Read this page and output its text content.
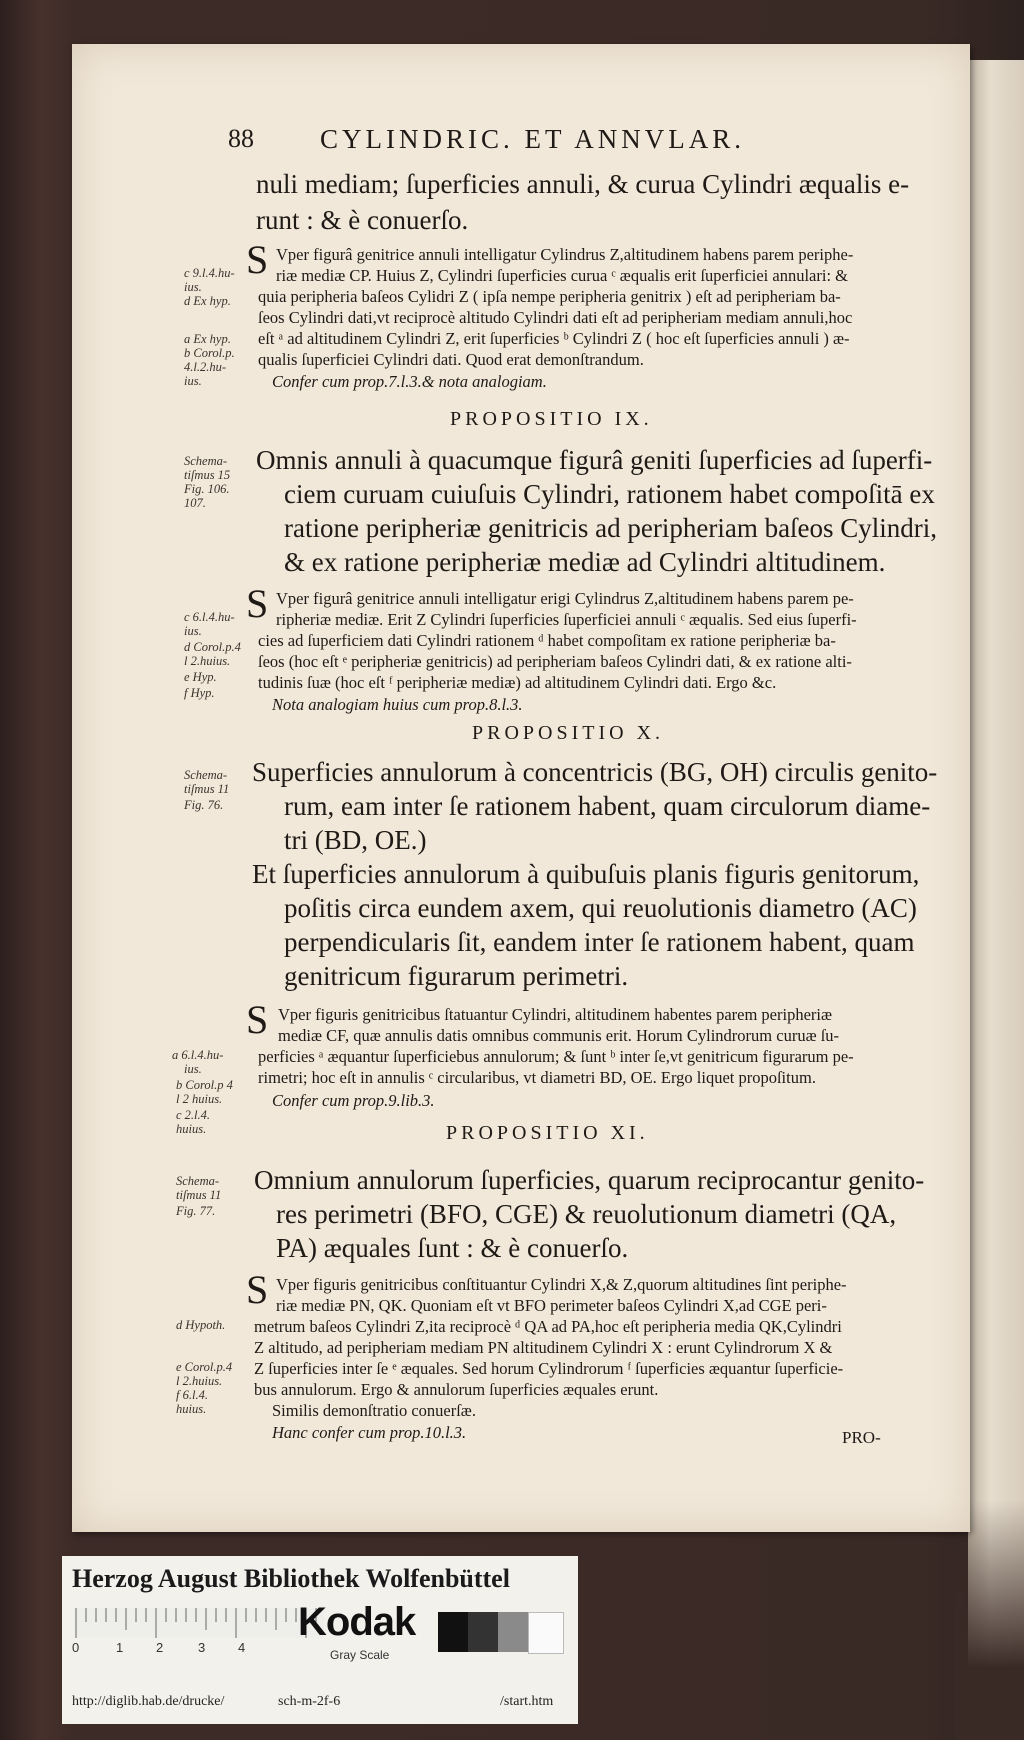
88 CYLINDRIC. ET ANNVLAR.
nuli mediam; ſuperficies annuli, & curua Cylindri æqualis e-
runt : & è conuerſo.
S Vper figurâ genitrice annuli intelligatur Cylindrus Z,altitudinem habens parem periphe-
riæ mediæ CP. Huius Z, Cylindri ſuperficies curua ᶜ æqualis erit ſuperficiei annulari: &
quia peripheria baſeos Cylidri Z ( ipſa nempe peripheria genitrix ) eſt ad peripheriam ba-
ſeos Cylindri dati,vt reciprocè altitudo Cylindri dati eſt ad peripheriam mediam annuli,hoc
eſt ᵃ ad altitudinem Cylindri Z, erit ſuperficies ᵇ Cylindri Z ( hoc eſt ſuperficies annuli ) æ-
qualis ſuperficiei Cylindri dati. Quod erat demonſtrandum.
Confer cum prop.7.l.3.& nota analogiam.
c 9.l.4.hu-
ius.
d Ex hyp.
a Ex hyp.
b Corol.p.
4.l.2.hu-
ius.
PROPOSITIO IX.
Omnis annuli à quacumque figurâ geniti ſuperficies ad ſuperfi-
ciem curuam cuiuſuis Cylindri, rationem habet compoſitā ex
ratione peripheriæ genitricis ad peripheriam baſeos Cylindri,
& ex ratione peripheriæ mediæ ad Cylindri altitudinem.
Schema-
tiſmus 15
Fig. 106.
107.
S Vper figurâ genitrice annuli intelligatur erigi Cylindrus Z,altitudinem habens parem pe-
ripheriæ mediæ. Erit Z Cylindri ſuperficies ſuperficiei annuli ᶜ æqualis. Sed eius ſuperfi-
cies ad ſuperficiem dati Cylindri rationem ᵈ habet compoſitam ex ratione peripheriæ ba-
ſeos (hoc eſt ᵉ peripheriæ genitricis) ad peripheriam baſeos Cylindri dati, & ex ratione alti-
tudinis ſuæ (hoc eſt ᶠ peripheriæ mediæ) ad altitudinem Cylindri dati. Ergo &c.
Nota analogiam huius cum prop.8.l.3.
c 6.l.4.hu-
ius.
d Corol.p.4
l 2.huius.
e Hyp.
f Hyp.
PROPOSITIO X.
Superficies annulorum à concentricis (BG, OH) circulis genito-
rum, eam inter ſe rationem habent, quam circulorum diame-
tri (BD, OE.)
Et ſuperficies annulorum à quibuſuis planis figuris genitorum,
poſitis circa eundem axem, qui reuolutionis diametro (AC)
perpendicularis ſit, eandem inter ſe rationem habent, quam
genitricum figurarum perimetri.
Schema-
tiſmus 11
Fig. 76.
S Vper figuris genitricibus ſtatuantur Cylindri, altitudinem habentes parem peripheriæ
mediæ CF, quæ annulis datis omnibus communis erit. Horum Cylindrorum curuæ ſu-
perficies ᵃ æquantur ſuperficiebus annulorum; & ſunt ᵇ inter ſe,vt genitricum figurarum pe-
rimetri; hoc eſt in annulis ᶜ circularibus, vt diametri BD, OE. Ergo liquet propoſitum.
Confer cum prop.9.lib.3.
a 6.l.4.hu-
ius.
b Corol.p 4
l 2 huius.
c 2.l.4.
huius.	PROPOSITIO XI.
Omnium annulorum ſuperficies, quarum reciprocantur genito-
res perimetri (BFO, CGE) & reuolutionum diametri (QA,
PA) æquales ſunt : & è conuerſo.
Schema-
tiſmus 11
Fig. 77.
S Vper figuris genitricibus conſtituantur Cylindri X,& Z,quorum altitudines ſint periphe-
riæ mediæ PN, QK. Quoniam eſt vt BFO perimeter baſeos Cylindri X,ad CGE peri-
metrum baſeos Cylindri Z,ita reciprocè ᵈ QA ad PA,hoc eſt peripheria media QK,Cylindri
Z altitudo, ad peripheriam mediam PN altitudinem Cylindri X : erunt Cylindrorum X &
Z ſuperficies inter ſe ᵉ æquales. Sed horum Cylindrorum ᶠ ſuperficies æquantur ſuperficie-
bus annulorum. Ergo & annulorum ſuperficies æquales erunt.
Similis demonſtratio conuerſæ.
Hanc confer cum prop.10.l.3.
d Hypoth.
e Corol.p.4
l 2.huius.
f 6.l.4.
huius.
PRO-
Herzog August Bibliothek Wolfenbüttel
0	1	2	3	4
Kodak
Gray Scale
http://diglib.hab.de/drucke/	sch-m-2f-6	/start.htm
